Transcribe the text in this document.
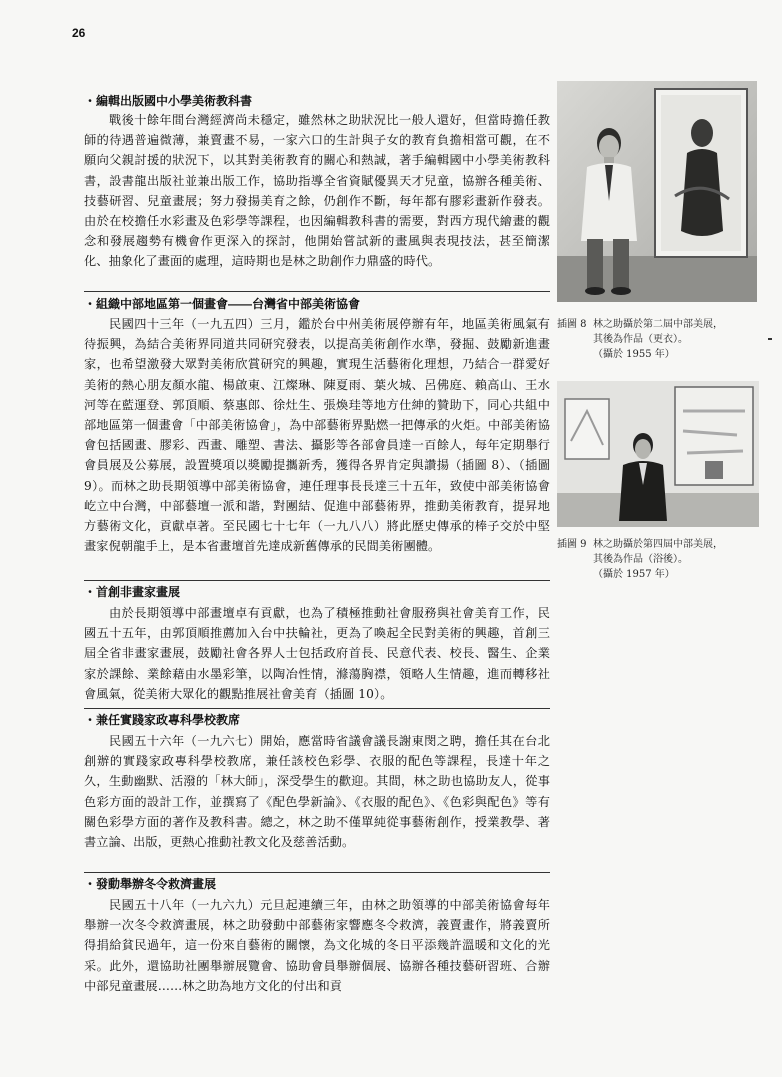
26
・編輯出版國中小學美術教科書
戰後十餘年間台灣經濟尚未穩定，雖然林之助狀況比一般人還好，但當時擔任教師的待遇普遍微薄，兼賣畫不易，一家六口的生計與子女的教育負擔相當可觀，在不願向父親討援的狀況下，以其對美術教育的關心和熱誠，著手編輯國中小學美術教科書，設書龍出版社並兼出版工作，協助指導全省資賦優異天才兒童，協辦各種美術、技藝研習、兒童畫展；努力發揚美育之餘，仍創作不斷，每年都有膠彩畫新作發表。由於在校擔任水彩畫及色彩學等課程，也因編輯教科書的需要，對西方現代繪畫的觀念和發展趨勢有機會作更深入的探討，他開始嘗試新的畫風與表現技法，甚至簡潔化、抽象化了畫面的處理，這時期也是林之助創作力鼎盛的時代。
・組織中部地區第一個畫會——台灣省中部美術協會
民國四十三年（一九五四）三月，鑑於台中州美術展停辦有年，地區美術風氣有待振興，為結合美術界同道共同研究發表，以提高美術創作水準，發掘、鼓勵新進畫家，也希望激發大眾對美術欣賞研究的興趣，實現生活藝術化理想，乃結合一群愛好美術的熱心朋友顏水龍、楊啟東、江燦琳、陳夏雨、葉火城、呂佛庭、賴高山、王水河等在藍運登、郭頂順、蔡惠郎、徐灶生、張煥珪等地方仕紳的贊助下，同心共組中部地區第一個畫會「中部美術協會」，為中部藝術界點燃一把傳承的火炬。中部美術協會包括國畫、膠彩、西畫、雕塑、書法、攝影等各部會員達一百餘人，每年定期舉行會員展及公募展，設置獎項以獎勵提攜新秀，獲得各界肯定與讚揚（插圖 8）、（插圖 9）。而林之助長期領導中部美術協會，連任理事長長達三十五年，致使中部美術協會屹立中台灣，中部藝壇一派和諧，對團結、促進中部藝術界，推動美術教育，提昇地方藝術文化，貢獻卓著。至民國七十七年（一九八八）將此歷史傳承的棒子交於中堅畫家倪朝龍手上，是本省畫壇首先達成新舊傳承的民間美術團體。
・首創非畫家畫展
由於長期領導中部畫壇卓有貢獻，也為了積極推動社會服務與社會美育工作，民國五十五年，由郭頂順推薦加入台中扶輪社，更為了喚起全民對美術的興趣，首創三屆全省非畫家畫展，鼓勵社會各界人士包括政府首長、民意代表、校長、醫生、企業家於課餘、業餘藉由水墨彩筆，以陶冶性情，滌蕩胸襟，領略人生情趣，進而轉移社會風氣，從美術大眾化的觀點推展社會美育（插圖 10）。
・兼任實踐家政專科學校教席
民國五十六年（一九六七）開始，應當時省議會議長謝東閔之聘，擔任其在台北創辦的實踐家政專科學校教席，兼任該校色彩學、衣服的配色等課程，長達十年之久，生動幽默、活潑的「林大師」，深受學生的歡迎。其間，林之助也協助友人，從事色彩方面的設計工作，並撰寫了《配色學新論》、《衣服的配色》、《色彩與配色》等有關色彩學方面的著作及教科書。總之，林之助不僅單純從事藝術創作，授業教學、著書立論、出版，更熱心推動社教文化及慈善活動。
・發動舉辦冬令救濟畫展
民國五十八年（一九六九）元旦起連續三年，由林之助領導的中部美術協會每年舉辦一次冬令救濟畫展，林之助發動中部藝術家響應冬令救濟，義賣畫作，將義賣所得捐給貧民過年，這一份來自藝術的關懷，為文化城的冬日平添幾許溫暖和文化的光采。此外，還協助社團舉辦展覽會、協助會員舉辦個展、協辦各種技藝研習班、合辦中部兒童畫展……林之助為地方文化的付出和貢
插圖 8 林之助攝於第二屆中部美展，
其後為作品（更衣）。
（攝於 1955 年）
插圖 9 林之助攝於第四屆中部美展，
其後為作品（浴後）。
（攝於 1957 年）
